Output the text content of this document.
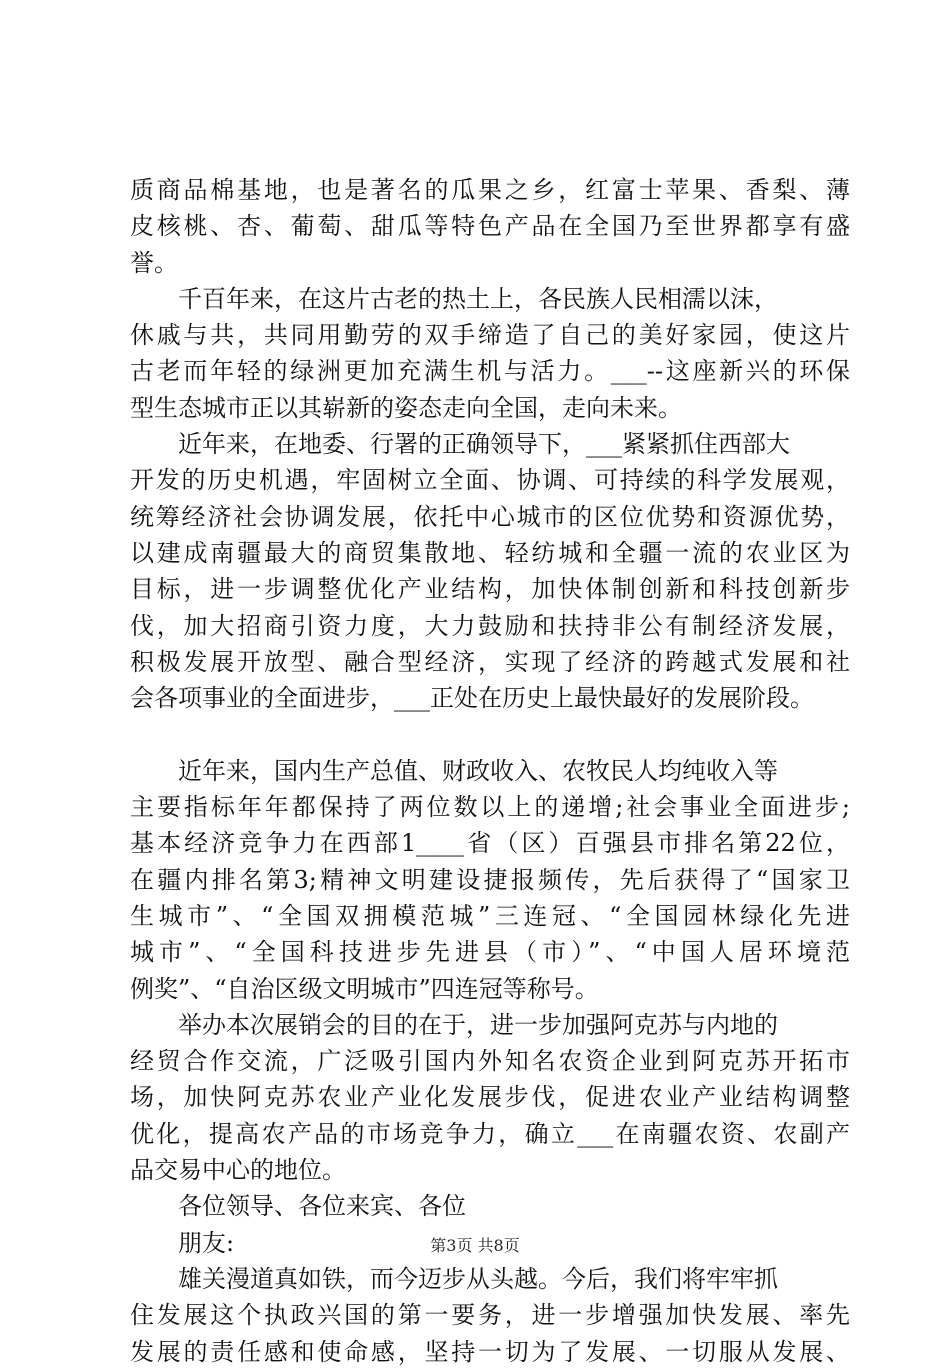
质商品棉基地，也是著名的瓜果之乡，红富士苹果、香梨、薄
皮核桃、杏、葡萄、甜瓜等特色产品在全国乃至世界都享有盛
誉。
千百年来，在这片古老的热土上，各民族人民相濡以沫，
休戚与共，共同用勤劳的双手缔造了自己的美好家园，使这片
古老而年轻的绿洲更加充满生机与活力。___--这座新兴的环保
型生态城市正以其崭新的姿态走向全国，走向未来。
近年来，在地委、行署的正确领导下，___紧紧抓住西部大
开发的历史机遇，牢固树立全面、协调、可持续的科学发展观，
统筹经济社会协调发展，依托中心城市的区位优势和资源优势，
以建成南疆最大的商贸集散地、轻纺城和全疆一流的农业区为
目标，进一步调整优化产业结构，加快体制创新和科技创新步
伐，加大招商引资力度，大力鼓励和扶持非公有制经济发展，
积极发展开放型、融合型经济，实现了经济的跨越式发展和社
会各项事业的全面进步，___正处在历史上最快最好的发展阶段。
近年来，国内生产总值、财政收入、农牧民人均纯收入等
主要指标年年都保持了两位数以上的递增;社会事业全面进步;
基本经济竞争力在西部1____省（区）百强县市排名第22位，
在疆内排名第3;精神文明建设捷报频传，先后获得了“国家卫
生城市”、“全国双拥模范城”三连冠、“全国园林绿化先进
城市”、“全国科技进步先进县（市）”、“中国人居环境范
例奖”、“自治区级文明城市”四连冠等称号。
举办本次展销会的目的在于，进一步加强阿克苏与内地的
经贸合作交流，广泛吸引国内外知名农资企业到阿克苏开拓市
场，加快阿克苏农业产业化发展步伐，促进农业产业结构调整
优化，提高农产品的市场竞争力，确立___在南疆农资、农副产
品交易中心的地位。
各位领导、各位来宾、各位
朋友:
雄关漫道真如铁，而今迈步从头越。今后，我们将牢牢抓
住发展这个执政兴国的第一要务，进一步增强加快发展、率先
发展的责任感和使命感，坚持一切为了发展、一切服从发展、
第3页 共8页
